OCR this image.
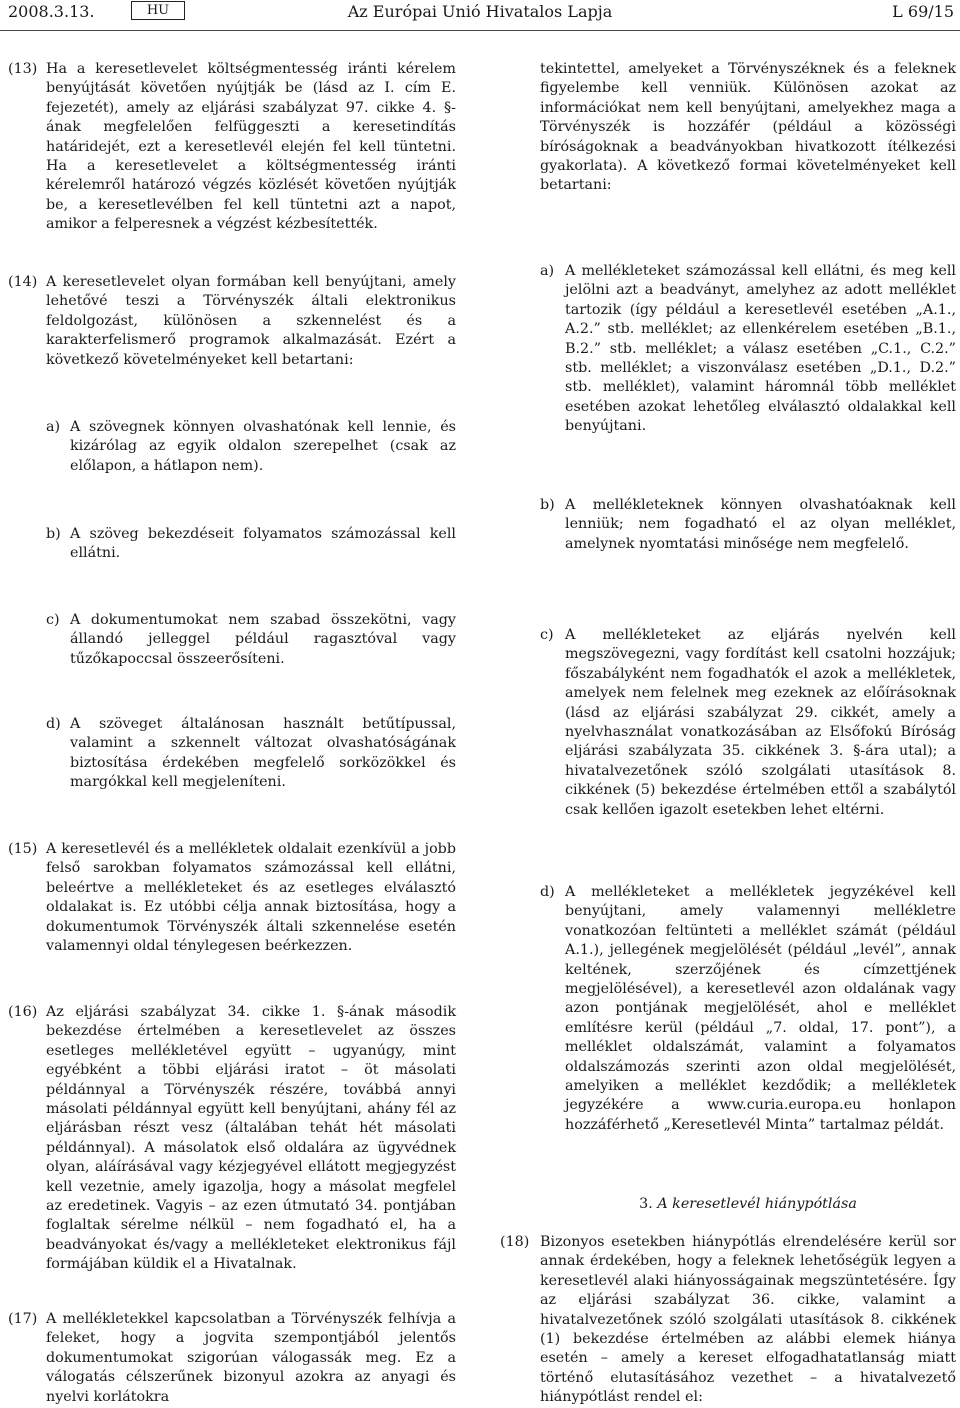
2008.3.13.	HU	Az Európai Unió Hivatalos Lapja	L 69/15
(13) Ha a keresetlevelet költségmentesség iránti kérelem benyújtását követően nyújtják be (lásd az I. cím E. fejezetét), amely az eljárási szabályzat 97. cikke 4. §-ának megfelelően felfüggeszti a keresetindítás határidejét, ezt a keresetlevél elején fel kell tüntetni. Ha a keresetlevelet a költségmentesség iránti kérelemről határozó végzés közlését követően nyújtják be, a keresetlevélben fel kell tüntetni azt a napot, amikor a felperesnek a végzést kézbesítették.

(14) A keresetlevelet olyan formában kell benyújtani, amely lehetővé teszi a Törvényszék általi elektronikus feldolgozást, különösen a szkennelést és a karakterfelismerő programok alkalmazását. Ezért a következő követelményeket kell betartani:

a) A szövegnek könnyen olvashatónak kell lennie, és kizárólag az egyik oldalon szerepelhet (csak az előlapon, a hátlapon nem).

b) A szöveg bekezdéseit folyamatos számozással kell ellátni.

c) A dokumentumokat nem szabad összekötni, vagy állandó jelleggel például ragasztóval vagy tűzőkapoccsal összeerősíteni.

d) A szöveget általánosan használt betűtípussal, valamint a szkennelt változat olvashatóságának biztosítása érdekében megfelelő sorközökkel és margókkal kell megjeleníteni.

(15) A keresetlevél és a mellékletek oldalait ezenkívül a jobb felső sarokban folyamatos számozással kell ellátni, beleértve a mellékleteket és az esetleges elválasztó oldalakat is. Ez utóbbi célja annak biztosítása, hogy a dokumentumok Törvényszék általi szkennelése esetén valamennyi oldal ténylegesen beérkezzen.

(16) Az eljárási szabályzat 34. cikke 1. §-ának második bekezdése értelmében a keresetlevelet az összes esetleges mellékletével együtt – ugyanúgy, mint egyébként a többi eljárási iratot – öt másolati példánnyal a Törvényszék részére, továbbá annyi másolati példánnyal együtt kell benyújtani, ahány fél az eljárásban részt vesz (általában tehát hét másolati példánnyal). A másolatok első oldalára az ügyvédnek olyan, aláírásával vagy kézjegyével ellátott megjegyzést kell vezetnie, amely igazolja, hogy a másolat megfelel az eredetinek. Vagyis – az ezen útmutató 34. pontjában foglaltak sérelme nélkül – nem fogadható el, ha a beadványokat és/vagy a mellékleteket elektronikus fájl formájában küldik el a Hivatalnak.

(17) A mellékletekkel kapcsolatban a Törvényszék felhívja a feleket, hogy a jogvita szempontjából jelentős dokumentumokat szigorúan válogassák meg. Ez a válogatás célszerűnek bizonyul azokra az anyagi és nyelvi korlátokra

tekintettel, amelyeket a Törvényszéknek és a feleknek figyelembe kell venniük. Különösen azokat az információkat nem kell benyújtani, amelyekhez maga a Törvényszék is hozzáfér (például a közösségi bíróságoknak a beadványokban hivatkozott ítélkezési gyakorlata). A következő formai követelményeket kell betartani:

a) A mellékleteket számozással kell ellátni, és meg kell jelölni azt a beadványt, amelyhez az adott melléklet tartozik (így például a keresetlevél esetében „A.1., A.2.” stb. melléklet; az ellenkérelem esetében „B.1., B.2.” stb. melléklet; a válasz esetében „C.1., C.2.” stb. melléklet; a viszonválasz esetében „D.1., D.2.” stb. melléklet), valamint háromnál több melléklet esetében azokat lehetőleg elválasztó oldalakkal kell benyújtani.

b) A mellékleteknek könnyen olvashatóaknak kell lenniük; nem fogadható el az olyan melléklet, amelynek nyomtatási minősége nem megfelelő.

c) A mellékleteket az eljárás nyelvén kell megszövegezni, vagy fordítást kell csatolni hozzájuk; főszabályként nem fogadhatók el azok a mellékletek, amelyek nem felelnek meg ezeknek az előírásoknak (lásd az eljárási szabályzat 29. cikkét, amely a nyelvhasználat vonatkozásában az Elsőfokú Bíróság eljárási szabályzata 35. cikkének 3. §-ára utal); a hivatalvezetőnek szóló szolgálati utasítások 8. cikkének (5) bekezdése értelmében ettől a szabálytól csak kellően igazolt esetekben lehet eltérni.

d) A mellékleteket a mellékletek jegyzékével kell benyújtani, amely valamennyi mellékletre vonatkozóan feltünteti a melléklet számát (például A.1.), jellegének megjelölését (például „levél”, annak keltének, szerzőjének és címzettjének megjelölésével), a keresetlevél azon oldalának vagy azon pontjának megjelölését, ahol e melléklet említésre kerül (például „7. oldal, 17. pont”), a melléklet oldalszámát, valamint a folyamatos oldalszámozás szerinti azon oldal megjelölését, amelyiken a melléklet kezdődik; a mellékletek jegyzékére a www.curia.europa.eu honlapon hozzáférhető „Keresetlevél Minta” tartalmaz példát.

3. A keresetlevél hiánypótlása
(18) Bizonyos esetekben hiánypótlás elrendelésére kerül sor annak érdekében, hogy a feleknek lehetőségük legyen a keresetlevél alaki hiányosságainak megszüntetésére. Így az eljárási szabályzat 36. cikke, valamint a hivatalvezetőnek szóló szolgálati utasítások 8. cikkének (1) bekezdése értelmében az alábbi elemek hiánya esetén – amely a kereset elfogadhatatlanság miatt történő elutasításához vezethet – a hivatalvezető hiánypótlást rendel el:
